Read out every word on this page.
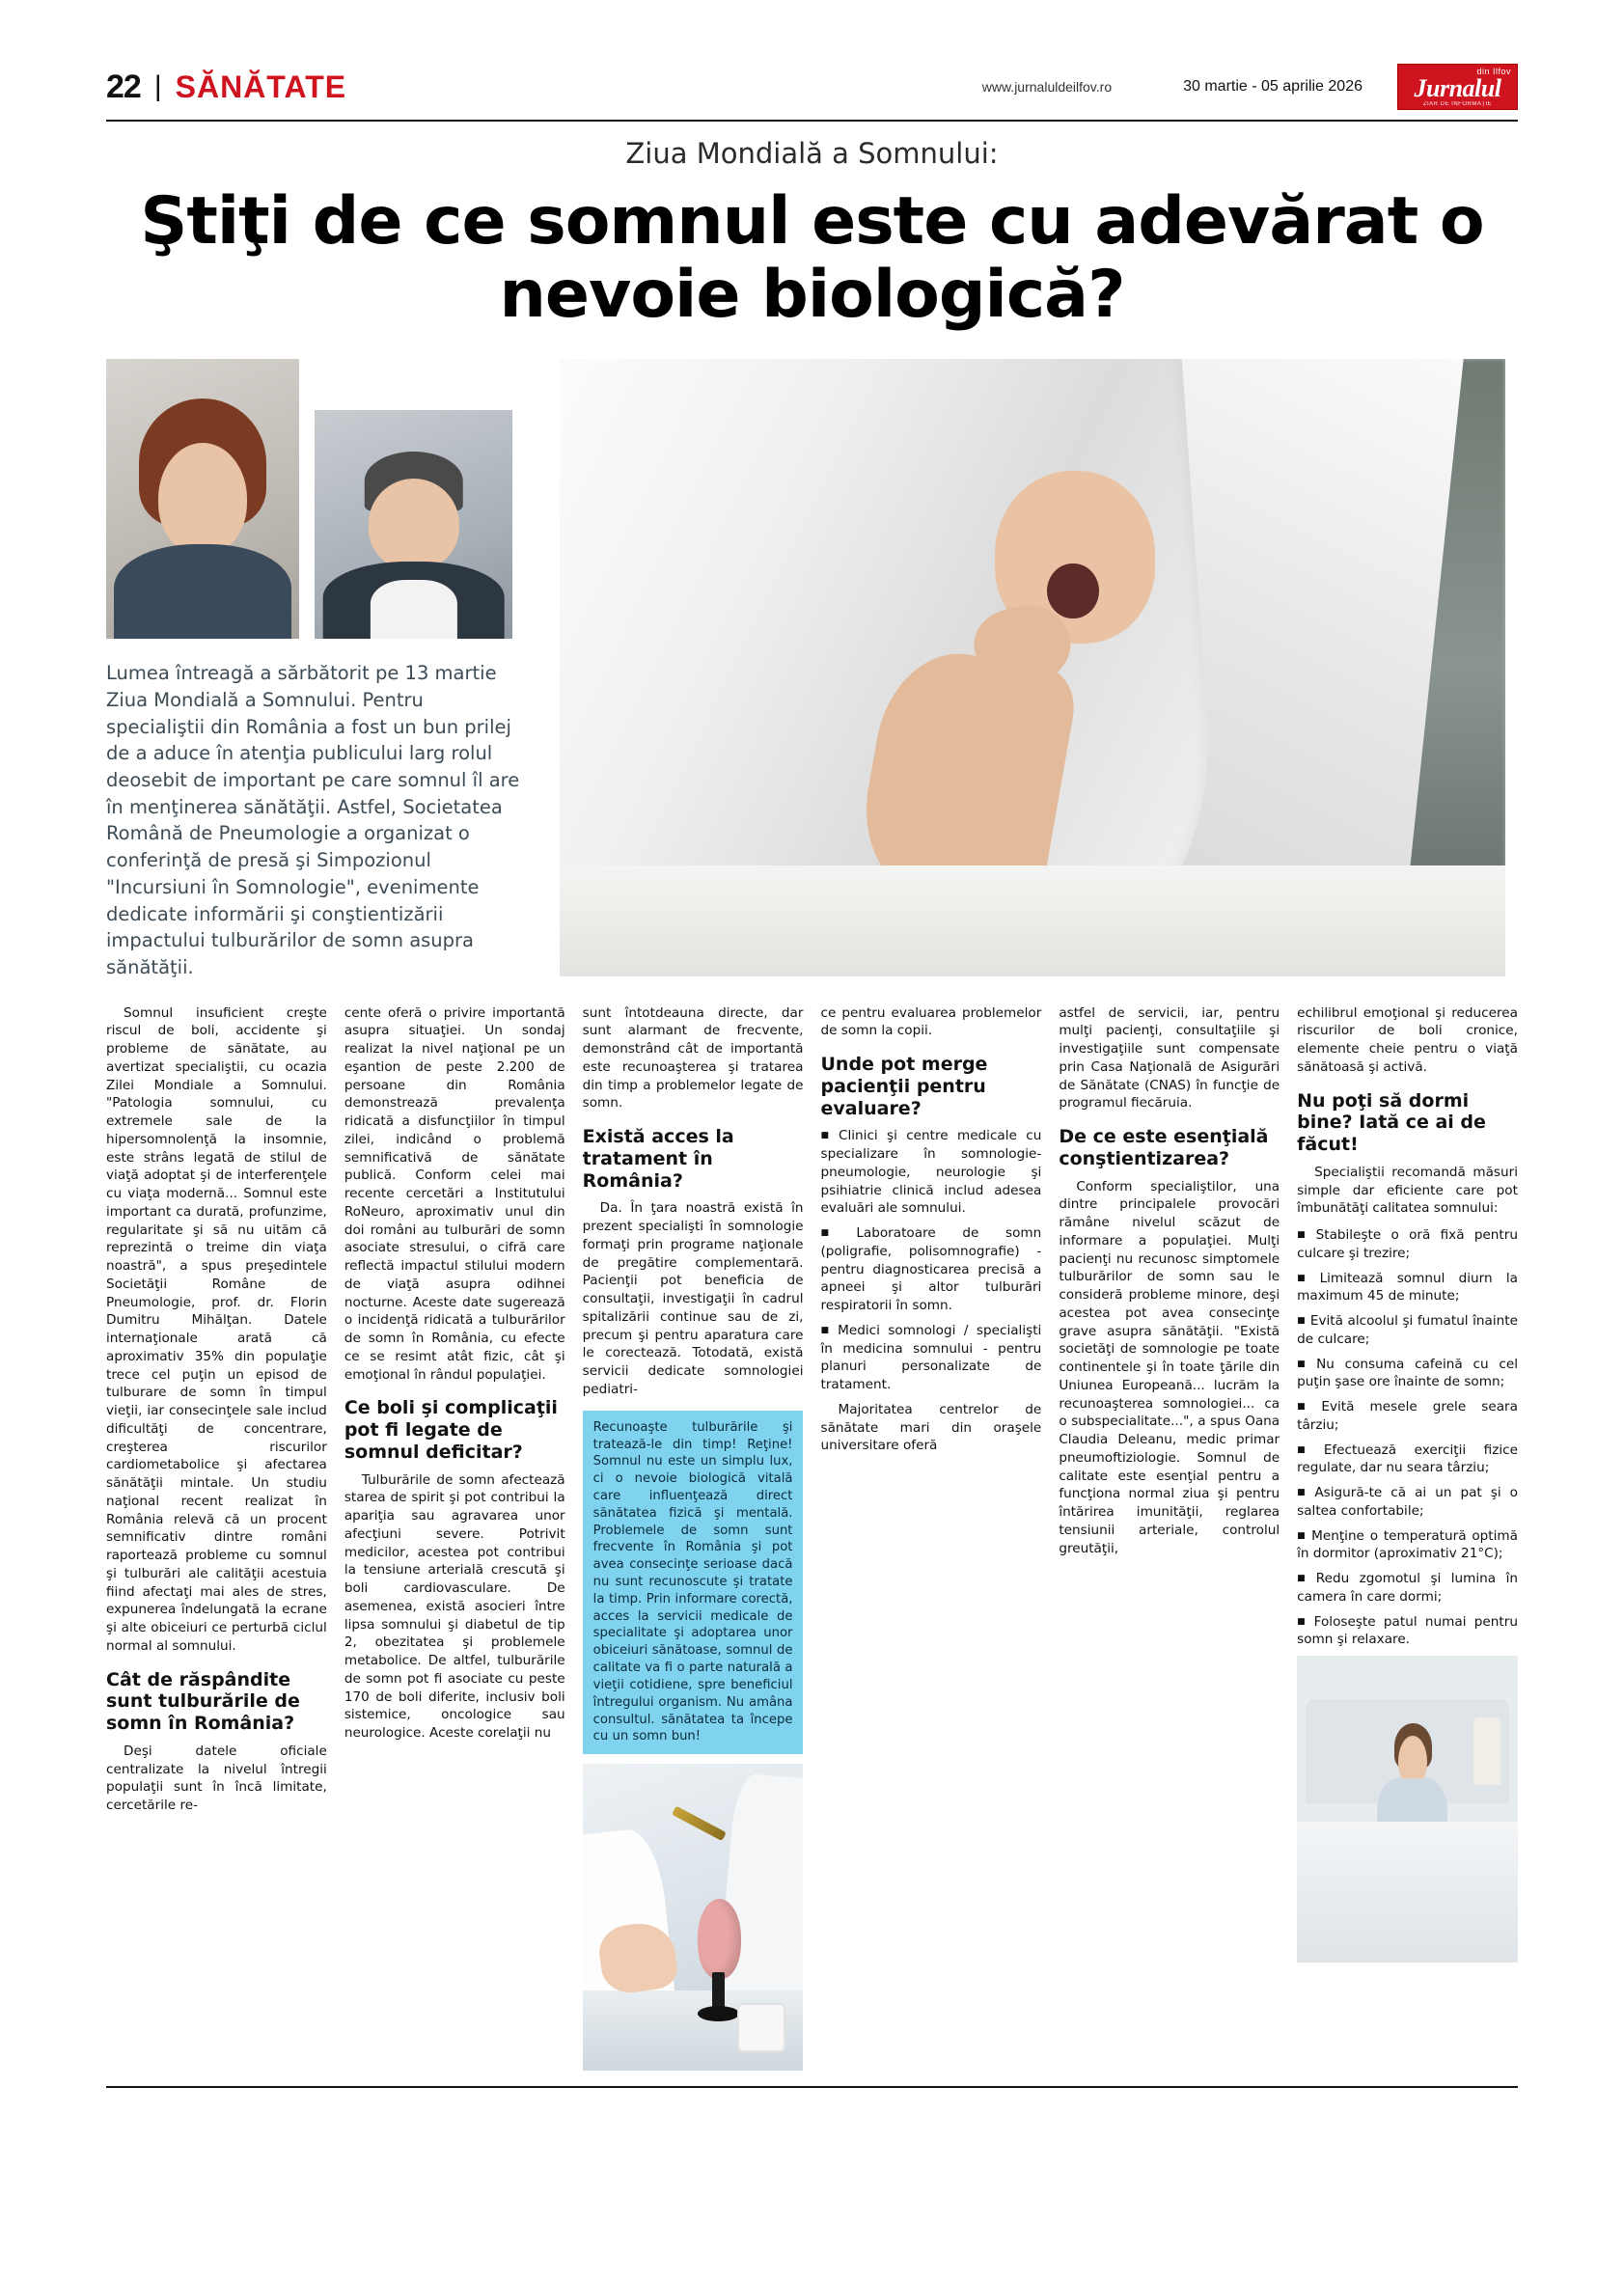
22 | SĂNĂTATE	www.jurnaluldeilfov.ro	30 martie - 05 aprilie 2026
din Ilfov
Jurnalul
ZIAR DE INFORMAȚIE
Ziua Mondială a Somnului:
Ştiţi de ce somnul este cu adevărat o nevoie biologică?
Lumea întreagă a sărbătorit pe 13 martie Ziua Mondială a Somnului. Pentru specialiştii din România a fost un bun prilej de a aduce în atenţia publicului larg rolul deosebit de important pe care somnul îl are în menţinerea sănătăţii. Astfel, Societatea Română de Pneumologie a organizat o conferinţă de presă şi Simpozionul "Incursiuni în Somnologie", evenimente dedicate informării şi conştientizării impactului tulburărilor de somn asupra sănătăţii.

Somnul insuficient creşte riscul de boli, accidente şi probleme de sănătate, au avertizat specialiştii, cu ocazia Zilei Mondiale a Somnului. "Patologia somnului, cu extremele sale de la hipersomnolenţă la insomnie, este strâns legată de stilul de viaţă adoptat şi de interferenţele cu viaţa modernă... Somnul este important ca durată, profunzime, regularitate şi să nu uităm că reprezintă o treime din viaţa noastră", a spus preşedintele Societăţii Române de Pneumologie, prof. dr. Florin Dumitru Mihălţan. Datele internaţionale arată că aproximativ 35% din populaţie trece cel puţin un episod de tulburare de somn în timpul vieţii, iar consecinţele sale includ dificultăţi de concentrare, creşterea riscurilor cardiometabolice şi afectarea sănătăţii mintale. Un studiu naţional recent realizat în România relevă că un procent semnificativ dintre români raportează probleme cu somnul şi tulburări ale calităţii acestuia fiind afectaţi mai ales de stres, expunerea îndelungată la ecrane şi alte obiceiuri ce perturbă ciclul normal al somnului.

Cât de răspândite sunt tulburările de somn în România?

Deşi datele oficiale centralizate la nivelul întregii populaţii sunt în încă limitate, cercetările re-

cente oferă o privire importantă asupra situaţiei. Un sondaj realizat la nivel naţional pe un eşantion de peste 2.200 de persoane din România demonstrează prevalenţa ridicată a disfuncţiilor în timpul zilei, indicând o problemă semnificativă de sănătate publică. Conform celei mai recente cercetări a Institutului RoNeuro, aproximativ unul din doi români au tulburări de somn asociate stresului, o cifră care reflectă impactul stilului modern de viaţă asupra odihnei nocturne. Aceste date sugerează o incidenţă ridicată a tulburărilor de somn în România, cu efecte ce se resimt atât fizic, cât şi emoţional în rândul populaţiei.

Ce boli şi complicaţii pot fi legate de somnul deficitar?

Tulburările de somn afectează starea de spirit şi pot contribui la apariţia sau agravarea unor afecţiuni severe. Potrivit medicilor, acestea pot contribui la tensiune arterială crescută şi boli cardiovasculare. De asemenea, există asocieri între lipsa somnului şi diabetul de tip 2, obezitatea şi problemele metabolice. De altfel, tulburările de somn pot fi asociate cu peste 170 de boli diferite, inclusiv boli sistemice, oncologice sau neurologice. Aceste corelaţii nu

sunt întotdeauna directe, dar sunt alarmant de frecvente, demonstrând cât de importantă este recunoaşterea şi tratarea din timp a problemelor legate de somn.

Există acces la tratament în România?

Da. În ţara noastră există în prezent specialişti în somnologie formaţi prin programe naţionale de pregătire complementară. Pacienţii pot beneficia de consultaţii, investigaţii în cadrul spitalizării continue sau de zi, precum şi pentru aparatura care le corectează. Totodată, există servicii dedicate somnologiei pediatri-

Recunoaşte tulburările şi tratează-le din timp! Reţine! Somnul nu este un simplu lux, ci o nevoie biologică vitală care influenţează direct sănătatea fizică şi mentală. Problemele de somn sunt frecvente în România şi pot avea consecinţe serioase dacă nu sunt recunoscute şi tratate la timp. Prin informare corectă, acces la servicii medicale de specialitate şi adoptarea unor obiceiuri sănătoase, somnul de calitate va fi o parte naturală a vieţii cotidiene, spre beneficiul întregului organism. Nu amâna consultul. sănătatea ta începe cu un somn bun!

ce pentru evaluarea problemelor de somn la copii.

Unde pot merge pacienţii pentru evaluare?
■ Clinici şi centre medicale cu specializare în somnologie-pneumologie, neurologie şi psihiatrie clinică includ adesea evaluări ale somnului.
■ Laboratoare de somn (poligrafie, polisomnografie) - pentru diagnosticarea precisă a apneei şi altor tulburări respiratorii în somn.
■ Medici somnologi / specialişti în medicina somnului - pentru planuri personalizate de tratament.

Majoritatea centrelor de sănătate mari din oraşele universitare oferă

astfel de servicii, iar, pentru mulţi pacienţi, consultaţiile şi investigaţiile sunt compensate prin Casa Naţională de Asigurări de Sănătate (CNAS) în funcţie de programul fiecăruia.

De ce este esenţială conştientizarea?

Conform specialiştilor, una dintre principalele provocări rămâne nivelul scăzut de informare a populaţiei. Mulţi pacienţi nu recunosc simptomele tulburărilor de somn sau le consideră probleme minore, deşi acestea pot avea consecinţe grave asupra sănătăţii. "Există societăţi de somnologie pe toate continentele şi în toate ţările din Uniunea Europeană... lucrăm la recunoaşterea somnologiei... ca o subspecialitate...", a spus Oana Claudia Deleanu, medic primar pneumoftiziologie. Somnul de calitate este esenţial pentru a funcţiona normal ziua şi pentru întărirea imunităţii, reglarea tensiunii arteriale, controlul greutăţii,

echilibrul emoţional şi reducerea riscurilor de boli cronice, elemente cheie pentru o viaţă sănătoasă şi activă.

Nu poţi să dormi bine? Iată ce ai de făcut!

Specialiştii recomandă măsuri simple dar eficiente care pot îmbunătăţi calitatea somnului:

■ Stabileşte o oră fixă pentru culcare şi trezire;
■ Limitează somnul diurn la maximum 45 de minute;
■ Evită alcoolul şi fumatul înainte de culcare;
■ Nu consuma cafeină cu cel puţin şase ore înainte de somn;
■ Evită mesele grele seara târziu;
■ Efectuează exerciţii fizice regulate, dar nu seara târziu;
■ Asigură-te că ai un pat şi o saltea confortabile;
■ Menţine o temperatură optimă în dormitor (aproximativ 21°C);
■ Redu zgomotul şi lumina în camera în care dormi;
■ Foloseşte patul numai pentru somn şi relaxare.
